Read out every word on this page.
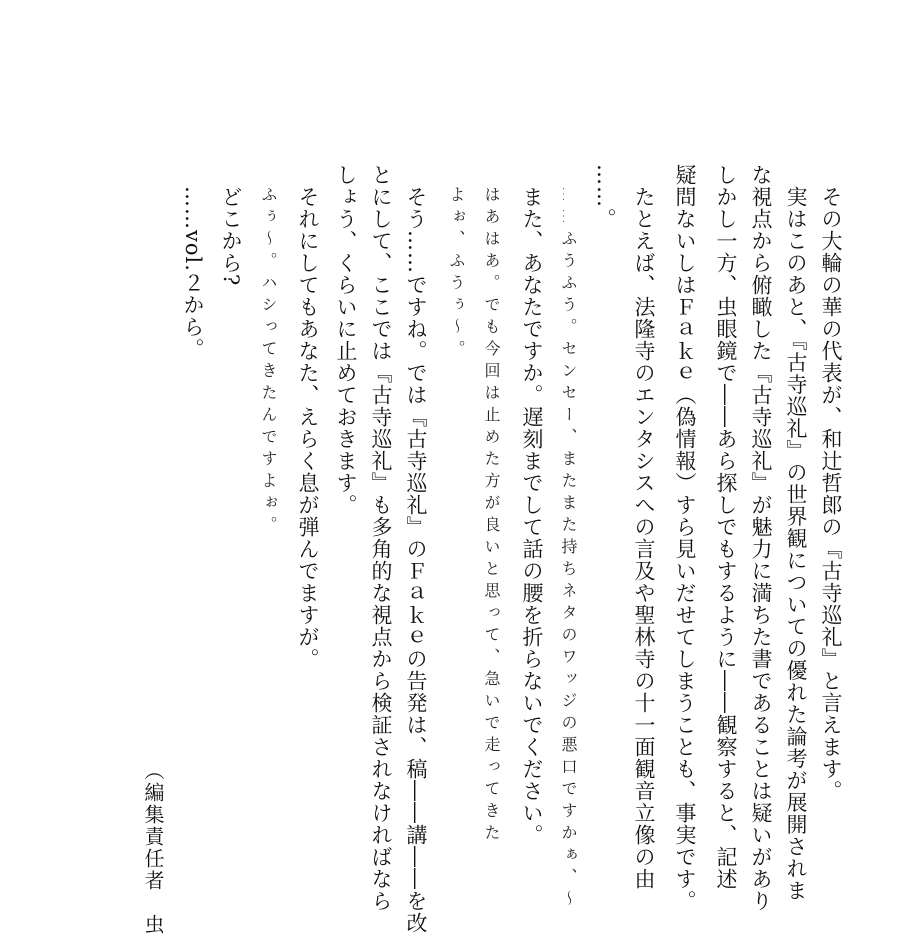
その大輪の華の代表が、和辻哲郎の『古寺巡礼』と言えます。
実はこのあと、『古寺巡礼』の世界観についての優れた論考が展開されま
な視点から俯瞰した『古寺巡礼』が魅力に満ちた書であることは疑いがあり
しかし一方、虫眼鏡で――あら探しでもするように――観察すると、記述
疑問ないしはＦａｋｅ（偽情報）すら見いだせてしまうことも、事実です。
たとえば、法隆寺のエンタシスへの言及や聖林寺の十一面観音立像の由
……。
……ふうふう。センセー、またまた持ちネタのワッジの悪口ですかぁ、〜
また、あなたですか。遅刻までして話の腰を折らないでください。
はあはあ。でも今回は止めた方が良いと思って、急いで走ってきた
よぉ、ふうぅ〜。
そう……ですね。では『古寺巡礼』のＦａｋｅの告発は、稿――講――を改
とにして、ここでは『古寺巡礼』も多角的な視点から検証されなければなら
しょう、くらいに止めておきます。
それにしてもあなた、えらく息が弾んでますが。
ふぅ〜。ハシってきたんですよぉ。
どこから?
……vol.２から。
（編集責任者　虫
